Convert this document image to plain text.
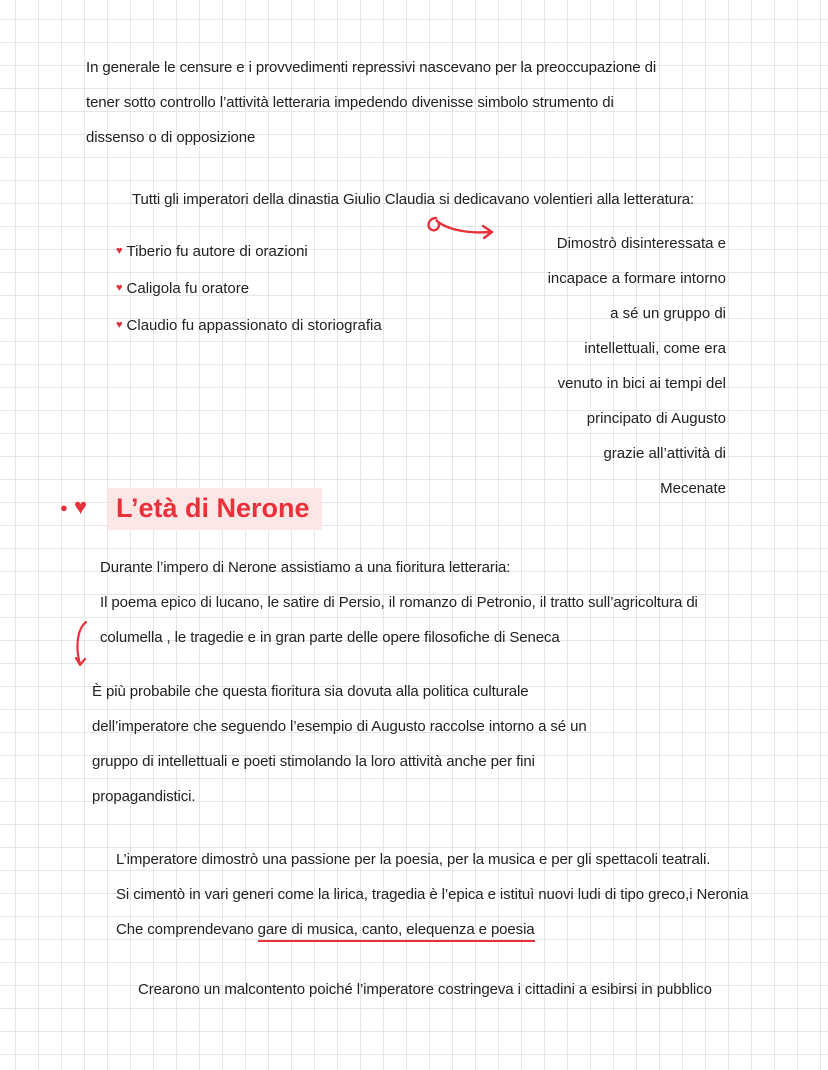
In generale le censure e i provvedimenti repressivi nascevano per la preoccupazione di
tener sotto controllo l’attività letteraria impedendo divenisse simbolo strumento di
dissenso o di opposizione
Tutti gli imperatori della dinastia Giulio Claudia si dedicavano volentieri alla letteratura:
♥ Tiberio fu autore di orazioni
♥ Caligola fu oratore
♥ Claudio fu appassionato di storiografia
Dimostrò disinteressata e
incapace a formare intorno
a sé un gruppo di
intellettuali, come era
venuto in bici ai tempi del
principato di Augusto
grazie all’attività di
Mecenate
● ♥ L’età di Nerone
Durante l’impero di Nerone assistiamo a una fioritura letteraria:
Il poema epico di lucano, le satire di Persio, il romanzo di Petronio, il tratto sull’agricoltura di
columella , le tragedie e in gran parte delle opere filosofiche di Seneca
È più probabile che questa fioritura sia dovuta alla politica culturale
dell’imperatore che seguendo l’esempio di Augusto raccolse intorno a sé un
gruppo di intellettuali e poeti stimolando la loro attività anche per fini
propagandistici.
L’imperatore dimostrò una passione per la poesia, per la musica e per gli spettacoli teatrali.
Si cimentò in vari generi come la lirica, tragedia è l’epica e istituì nuovi ludi di tipo greco,i Neronia
Che comprendevano gare di musica, canto, elequenza e poesia
Crearono un malcontento poiché l’imperatore costringeva i cittadini a esibirsi in pubblico
